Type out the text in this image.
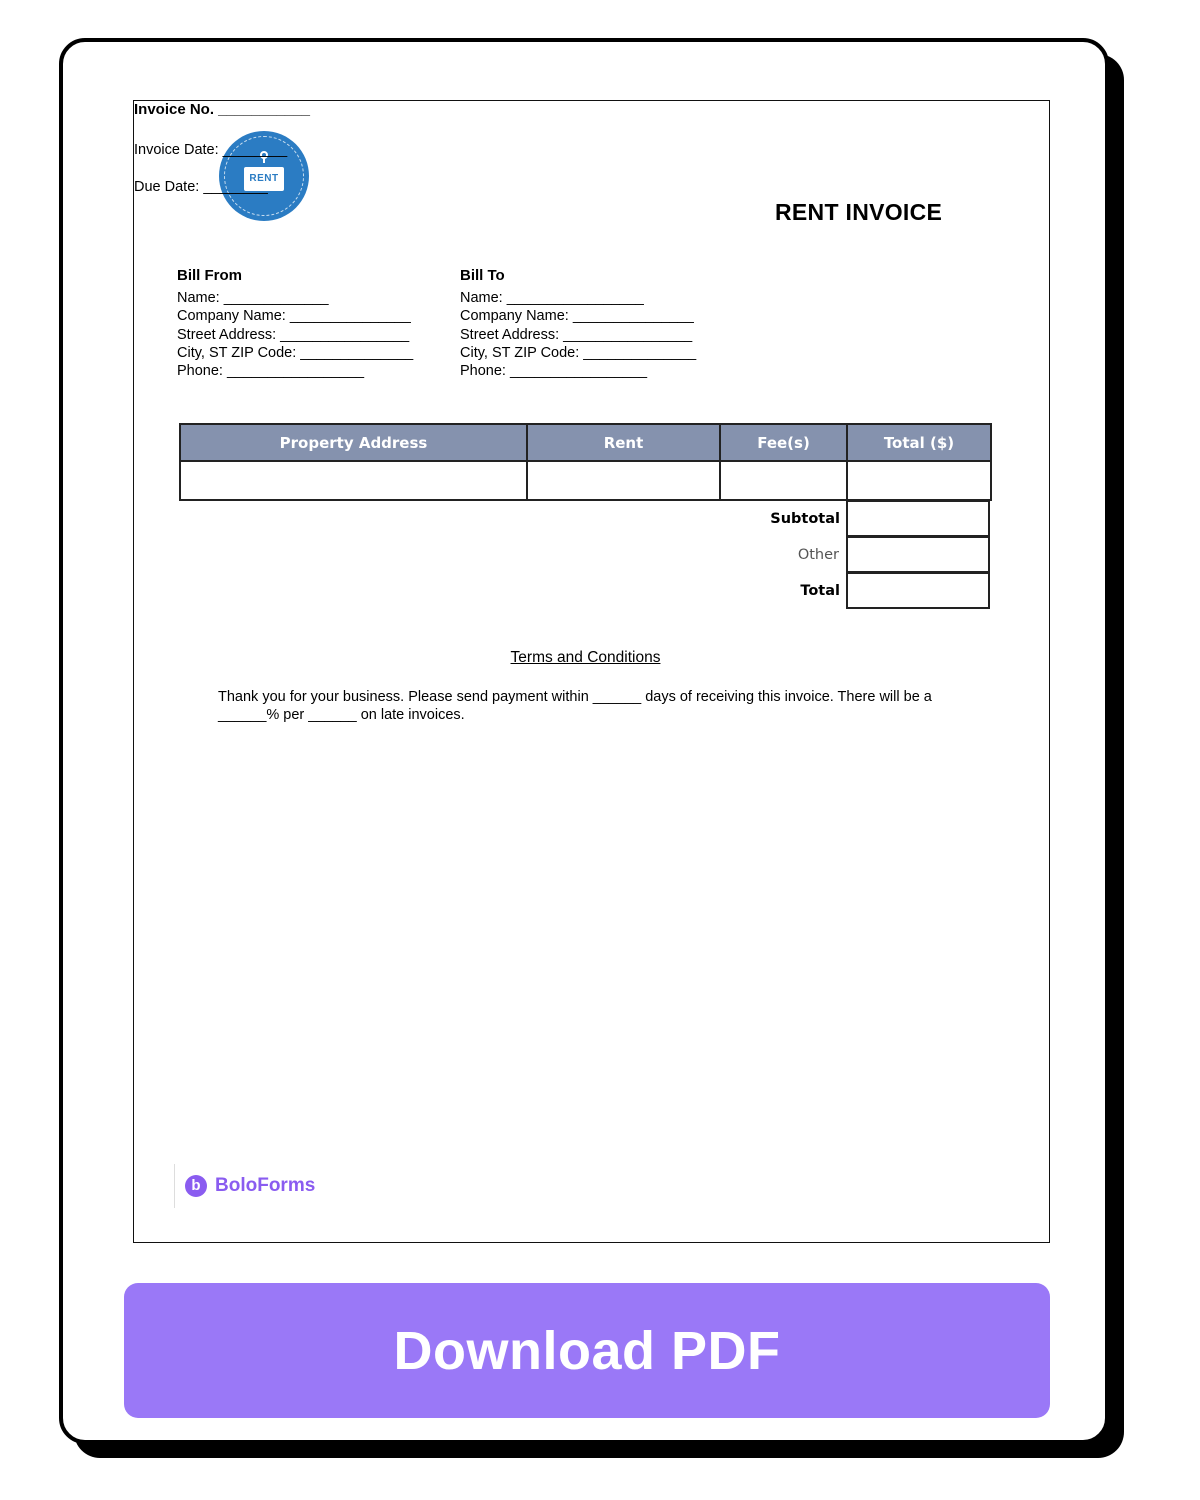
RENT
RENT INVOICE
Bill From
Name: _____________
Company Name: _______________
Street Address: ________________
City, ST ZIP Code: ______________
Phone: _________________
Bill To
Name: _________________
Company Name: _______________
Street Address: ________________
City, ST ZIP Code: ______________
Phone: _________________
Invoice No. ___________
Invoice Date: ________
Due Date: ________
Property Address	Rent	Fee(s)	Total ($)

Subtotal
Other
Total
Terms and Conditions
Thank you for your business. Please send payment within ______ days of receiving this invoice. There will be a ______% per ______ on late invoices.
b BoloForms
Download PDF
